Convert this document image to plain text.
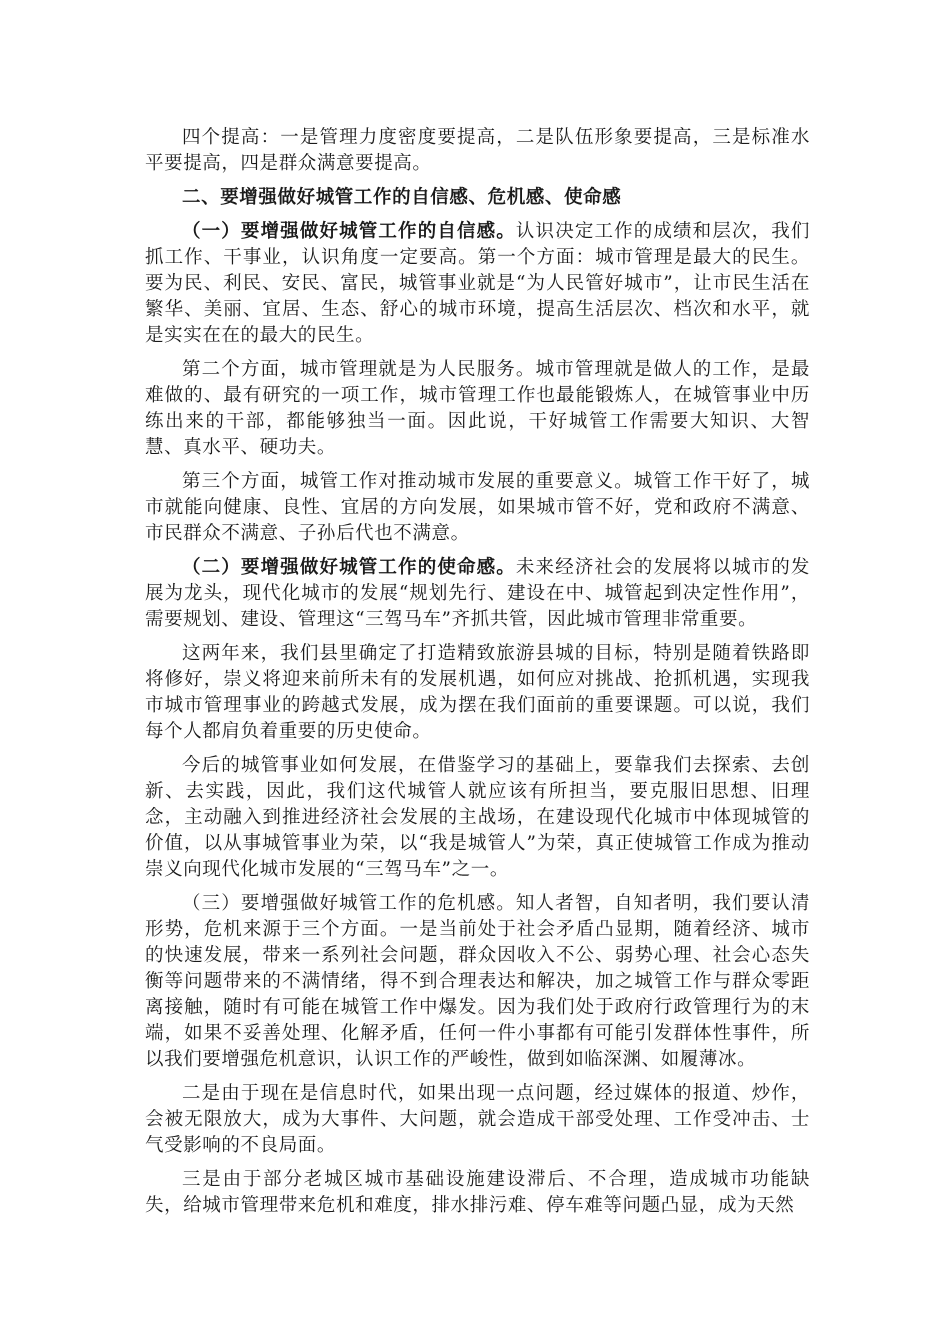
四个提高：一是管理力度密度要提高，二是队伍形象要提高，三是标准水平要提高，四是群众满意要提高。

二、要增强做好城管工作的自信感、危机感、使命感

（一）要增强做好城管工作的自信感。认识决定工作的成绩和层次，我们抓工作、干事业，认识角度一定要高。第一个方面：城市管理是最大的民生。要为民、利民、安民、富民，城管事业就是“为人民管好城市”，让市民生活在繁华、美丽、宜居、生态、舒心的城市环境，提高生活层次、档次和水平，就是实实在在的最大的民生。

第二个方面，城市管理就是为人民服务。城市管理就是做人的工作，是最难做的、最有研究的一项工作，城市管理工作也最能锻炼人，在城管事业中历练出来的干部，都能够独当一面。因此说，干好城管工作需要大知识、大智慧、真水平、硬功夫。

第三个方面，城管工作对推动城市发展的重要意义。城管工作干好了，城市就能向健康、良性、宜居的方向发展，如果城市管不好，党和政府不满意、市民群众不满意、子孙后代也不满意。

（二）要增强做好城管工作的使命感。未来经济社会的发展将以城市的发展为龙头，现代化城市的发展“规划先行、建设在中、城管起到决定性作用”，需要规划、建设、管理这“三驾马车”齐抓共管，因此城市管理非常重要。

这两年来，我们县里确定了打造精致旅游县城的目标，特别是随着铁路即将修好，崇义将迎来前所未有的发展机遇，如何应对挑战、抢抓机遇，实现我市城市管理事业的跨越式发展，成为摆在我们面前的重要课题。可以说，我们每个人都肩负着重要的历史使命。

今后的城管事业如何发展，在借鉴学习的基础上，要靠我们去探索、去创新、去实践，因此，我们这代城管人就应该有所担当，要克服旧思想、旧理念，主动融入到推进经济社会发展的主战场，在建设现代化城市中体现城管的价值，以从事城管事业为荣，以“我是城管人”为荣，真正使城管工作成为推动崇义向现代化城市发展的“三驾马车”之一。

（三）要增强做好城管工作的危机感。知人者智，自知者明，我们要认清形势，危机来源于三个方面。一是当前处于社会矛盾凸显期，随着经济、城市的快速发展，带来一系列社会问题，群众因收入不公、弱势心理、社会心态失衡等问题带来的不满情绪，得不到合理表达和解决，加之城管工作与群众零距离接触，随时有可能在城管工作中爆发。因为我们处于政府行政管理行为的末端，如果不妥善处理、化解矛盾，任何一件小事都有可能引发群体性事件，所以我们要增强危机意识，认识工作的严峻性，做到如临深渊、如履薄冰。

二是由于现在是信息时代，如果出现一点问题，经过媒体的报道、炒作，会被无限放大，成为大事件、大问题，就会造成干部受处理、工作受冲击、士气受影响的不良局面。

三是由于部分老城区城市基础设施建设滞后、不合理，造成城市功能缺失，给城市管理带来危机和难度，排水排污难、停车难等问题凸显，成为天然
